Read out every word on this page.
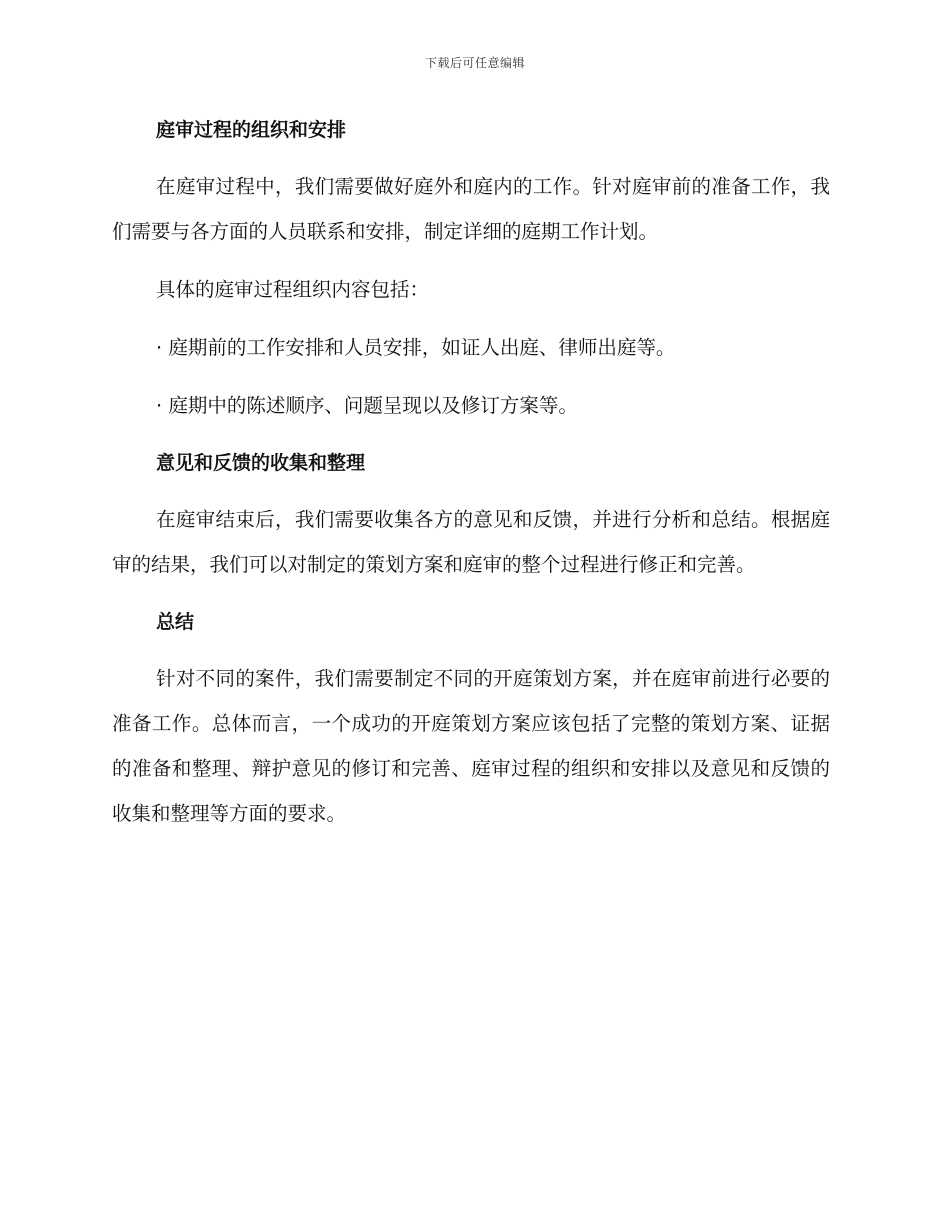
下载后可任意编辑
庭审过程的组织和安排

在庭审过程中，我们需要做好庭外和庭内的工作。针对庭审前的准备工作，我们需要与各方面的人员联系和安排，制定详细的庭期工作计划。

具体的庭审过程组织内容包括：

· 庭期前的工作安排和人员安排，如证人出庭、律师出庭等。

· 庭期中的陈述顺序、问题呈现以及修订方案等。

意见和反馈的收集和整理

在庭审结束后，我们需要收集各方的意见和反馈，并进行分析和总结。根据庭审的结果，我们可以对制定的策划方案和庭审的整个过程进行修正和完善。

总结

针对不同的案件，我们需要制定不同的开庭策划方案，并在庭审前进行必要的准备工作。总体而言，一个成功的开庭策划方案应该包括了完整的策划方案、证据的准备和整理、辩护意见的修订和完善、庭审过程的组织和安排以及意见和反馈的收集和整理等方面的要求。
